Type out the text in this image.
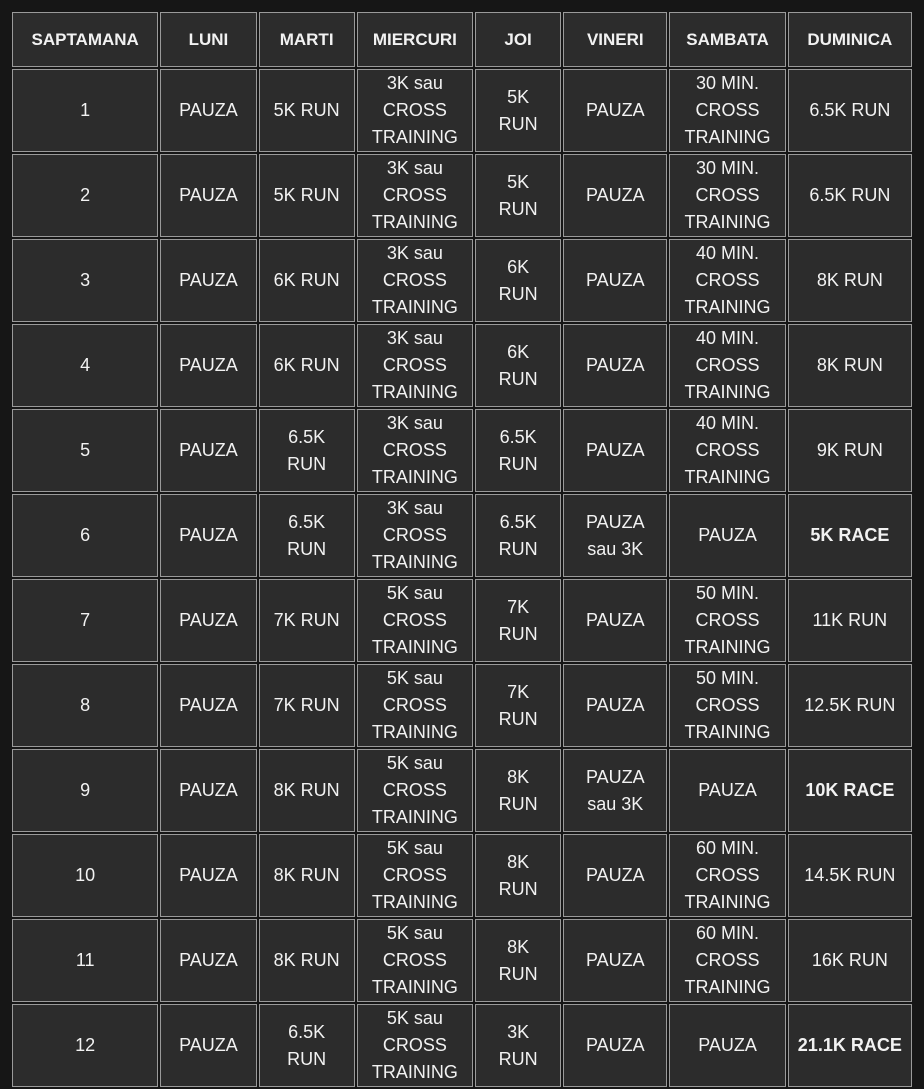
SAPTAMANA	LUNI	MARTI	MIERCURI	JOI	VINERI	SAMBATA	DUMINICA
1	PAUZA	5K RUN	3K sau
CROSS
TRAINING	5K
RUN	PAUZA	30 MIN.
CROSS
TRAINING	6.5K RUN
2	PAUZA	5K RUN	3K sau
CROSS
TRAINING	5K
RUN	PAUZA	30 MIN.
CROSS
TRAINING	6.5K RUN
3	PAUZA	6K RUN	3K sau
CROSS
TRAINING	6K
RUN	PAUZA	40 MIN.
CROSS
TRAINING	8K RUN
4	PAUZA	6K RUN	3K sau
CROSS
TRAINING	6K
RUN	PAUZA	40 MIN.
CROSS
TRAINING	8K RUN
5	PAUZA	6.5K
RUN	3K sau
CROSS
TRAINING	6.5K
RUN	PAUZA	40 MIN.
CROSS
TRAINING	9K RUN
6	PAUZA	6.5K
RUN	3K sau
CROSS
TRAINING	6.5K
RUN	PAUZA
sau 3K	PAUZA	5K RACE
7	PAUZA	7K RUN	5K sau
CROSS
TRAINING	7K
RUN	PAUZA	50 MIN.
CROSS
TRAINING	11K RUN
8	PAUZA	7K RUN	5K sau
CROSS
TRAINING	7K
RUN	PAUZA	50 MIN.
CROSS
TRAINING	12.5K RUN
9	PAUZA	8K RUN	5K sau
CROSS
TRAINING	8K
RUN	PAUZA
sau 3K	PAUZA	10K RACE
10	PAUZA	8K RUN	5K sau
CROSS
TRAINING	8K
RUN	PAUZA	60 MIN.
CROSS
TRAINING	14.5K RUN
11	PAUZA	8K RUN	5K sau
CROSS
TRAINING	8K
RUN	PAUZA	60 MIN.
CROSS
TRAINING	16K RUN
12	PAUZA	6.5K
RUN	5K sau
CROSS
TRAINING	3K
RUN	PAUZA	PAUZA	21.1K RACE
